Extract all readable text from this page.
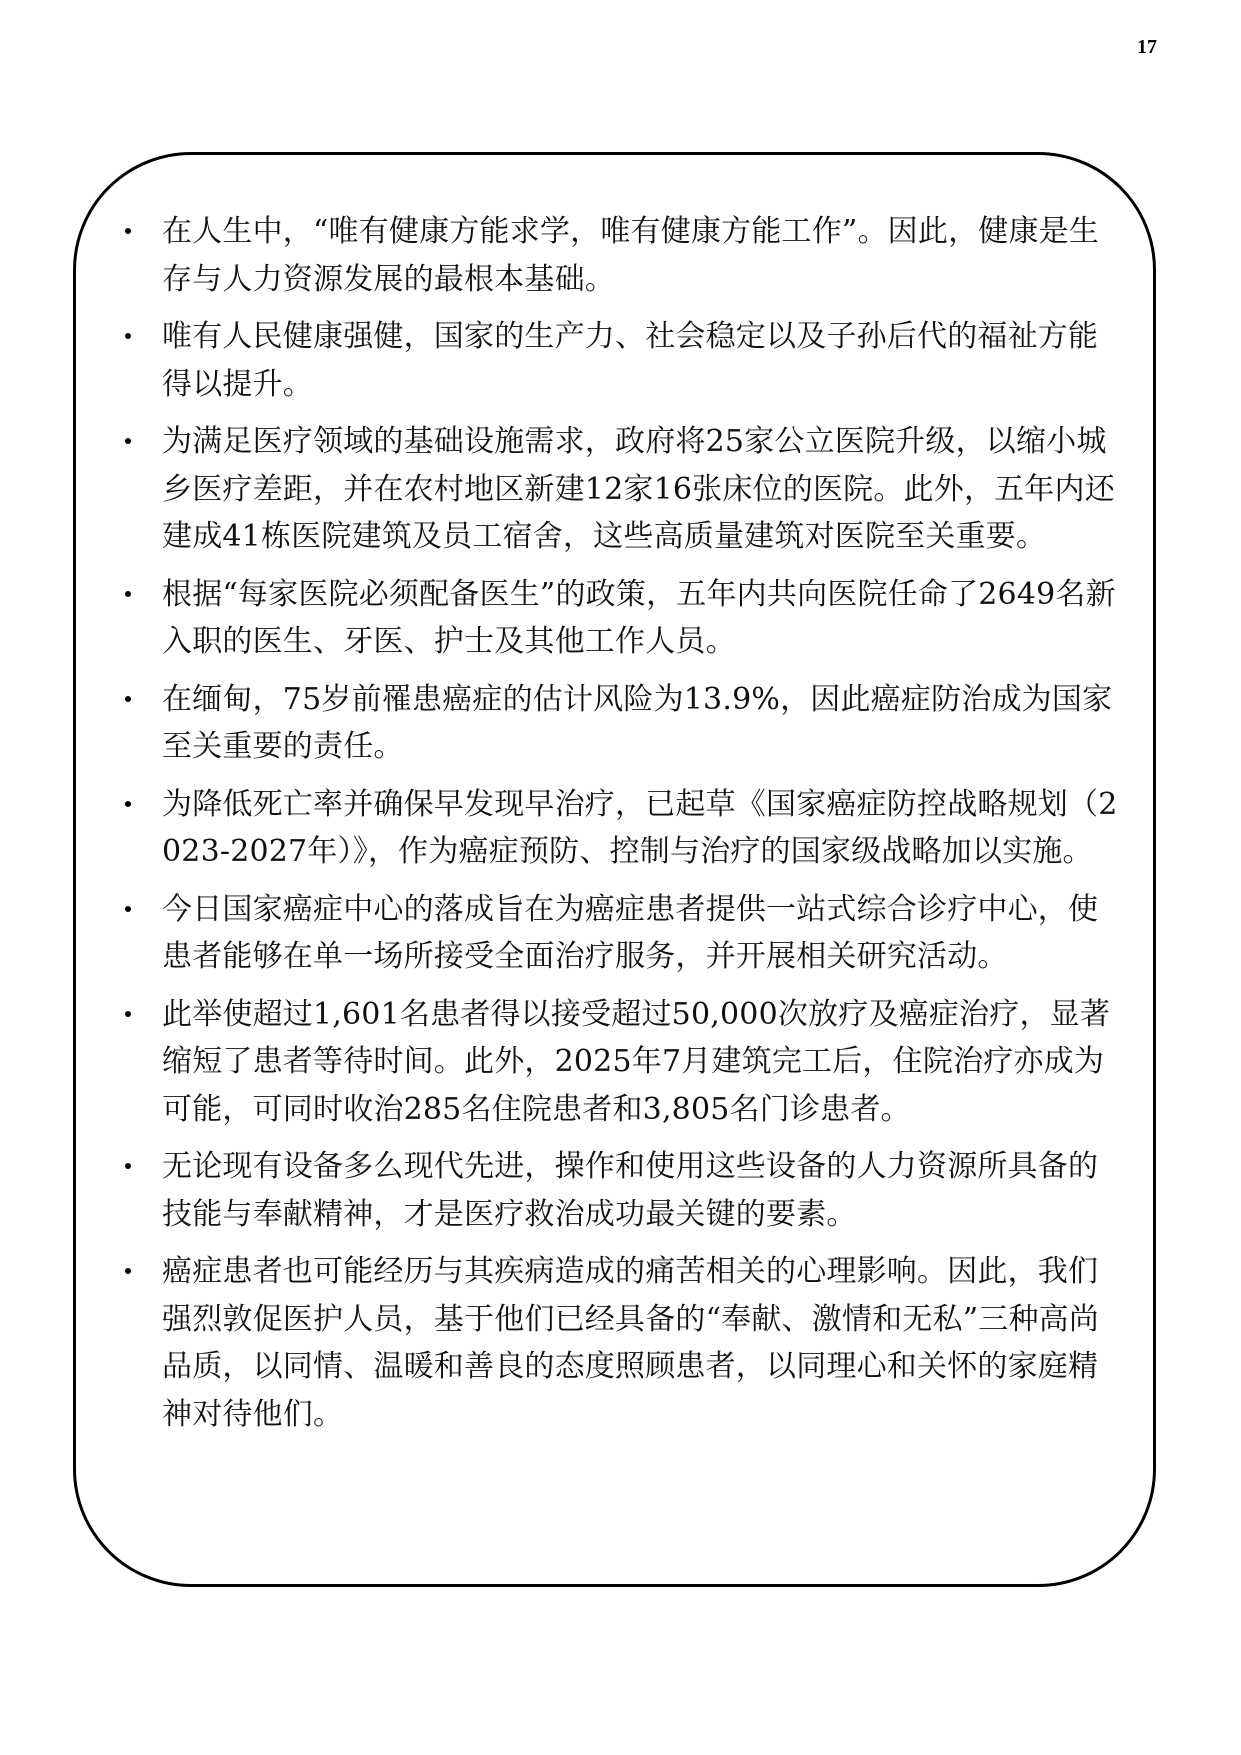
17
在人生中，“唯有健康方能求学，唯有健康方能工作”。因此，健康是生存与人力资源发展的最根本基础。
唯有人民健康强健，国家的生产力、社会稳定以及子孙后代的福祉方能得以提升。
为满足医疗领域的基础设施需求，政府将25家公立医院升级，以缩小城乡医疗差距，并在农村地区新建12家16张床位的医院。此外，五年内还建成41栋医院建筑及员工宿舍，这些高质量建筑对医院至关重要。
根据“每家医院必须配备医生”的政策，五年内共向医院任命了2649名新入职的医生、牙医、护士及其他工作人员。
在缅甸，75岁前罹患癌症的估计风险为13.9%，因此癌症防治成为国家至关重要的责任。
为降低死亡率并确保早发现早治疗，已起草《国家癌症防控战略规划（2023-2027年）》，作为癌症预防、控制与治疗的国家级战略加以实施。
今日国家癌症中心的落成旨在为癌症患者提供一站式综合诊疗中心，使患者能够在单一场所接受全面治疗服务，并开展相关研究活动。
此举使超过1,601名患者得以接受超过50,000次放疗及癌症治疗，显著缩短了患者等待时间。此外，2025年7月建筑完工后，住院治疗亦成为可能，可同时收治285名住院患者和3,805名门诊患者。
无论现有设备多么现代先进，操作和使用这些设备的人力资源所具备的技能与奉献精神，才是医疗救治成功最关键的要素。
癌症患者也可能经历与其疾病造成的痛苦相关的心理影响。因此，我们强烈敦促医护人员，基于他们已经具备的“奉献、激情和无私”三种高尚品质，以同情、温暖和善良的态度照顾患者，以同理心和关怀的家庭精神对待他们。
